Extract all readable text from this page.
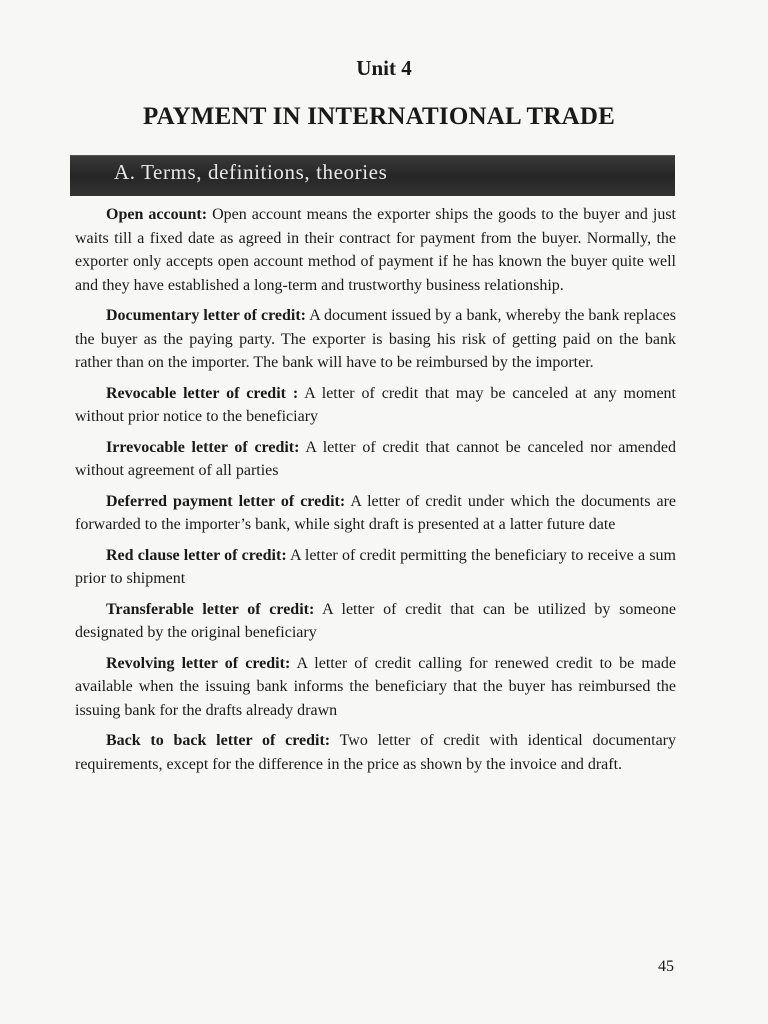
Unit 4
PAYMENT IN INTERNATIONAL TRADE
A. Terms, definitions, theories

Open account: Open account means the exporter ships the goods to the buyer and just waits till a fixed date as agreed in their contract for payment from the buyer. Normally, the exporter only accepts open account method of payment if he has known the buyer quite well and they have established a long-term and trustworthy business relationship.

Documentary letter of credit: A document issued by a bank, whereby the bank replaces the buyer as the paying party. The exporter is basing his risk of getting paid on the bank rather than on the importer. The bank will have to be reimbursed by the importer.

Revocable letter of credit : A letter of credit that may be canceled at any moment without prior notice to the beneficiary

Irrevocable letter of credit: A letter of credit that cannot be canceled nor amended without agreement of all parties

Deferred payment letter of credit: A letter of credit under which the documents are forwarded to the importer’s bank, while sight draft is presented at a latter future date

Red clause letter of credit: A letter of credit permitting the beneficiary to receive a sum prior to shipment

Transferable letter of credit: A letter of credit that can be utilized by someone designated by the original beneficiary

Revolving letter of credit: A letter of credit calling for renewed credit to be made available when the issuing bank informs the beneficiary that the buyer has reimbursed the issuing bank for the drafts already drawn

Back to back letter of credit: Two letter of credit with identical documentary requirements, except for the difference in the price as shown by the invoice and draft.

45
